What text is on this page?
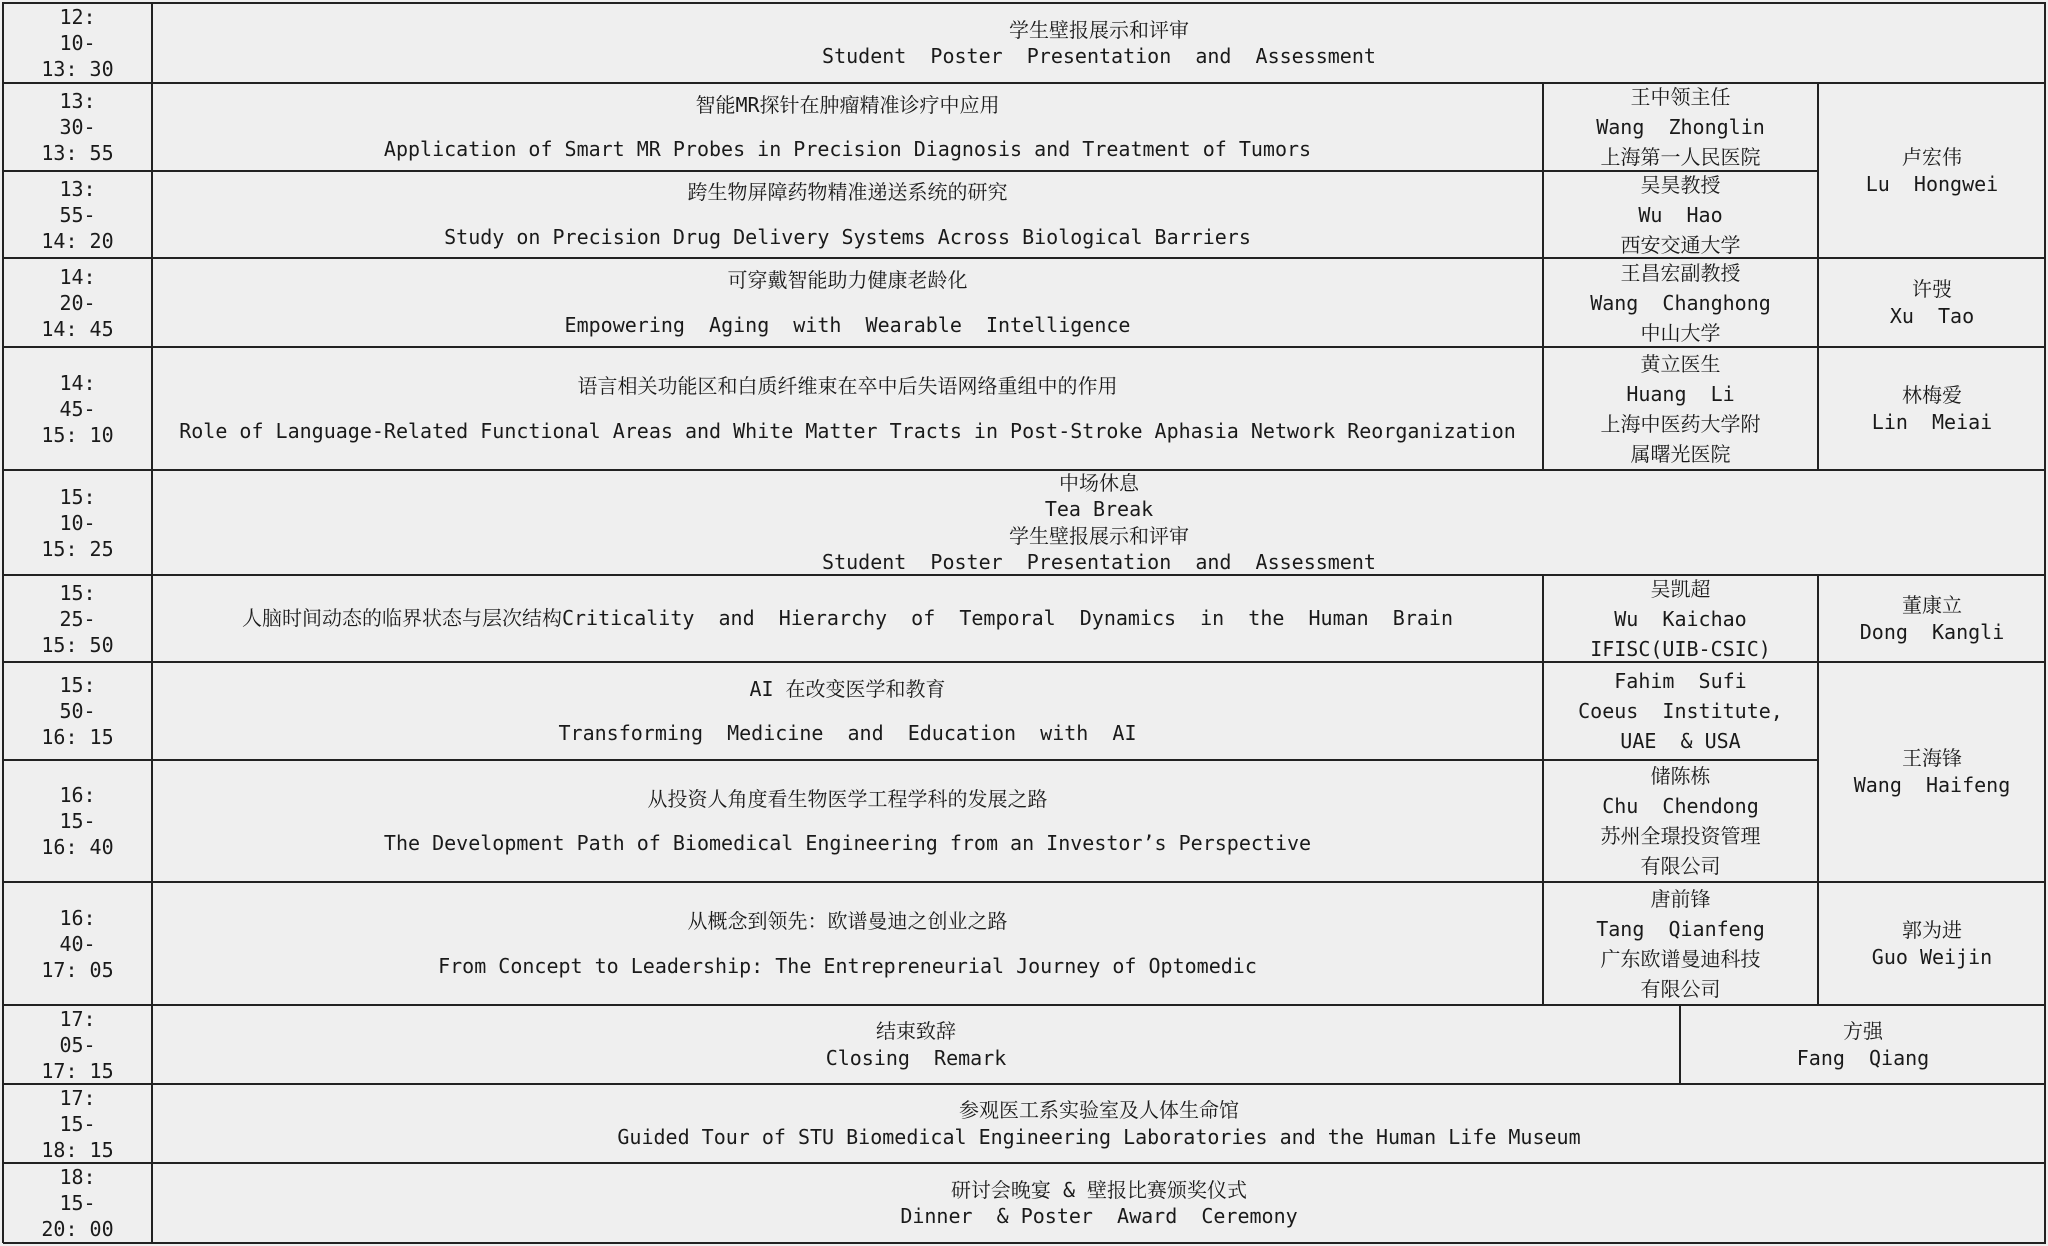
12:
10-
13: 30
学生壁报展示和评审
Student  Poster  Presentation  and  Assessment
13:
30-
13: 55
智能MR探针在肿瘤精准诊疗中应用
Application of Smart MR Probes in Precision Diagnosis and Treatment of Tumors
王中领主任
Wang  Zhonglin
上海第一人民医院
13:
55-
14: 20
跨生物屏障药物精准递送系统的研究
Study on Precision Drug Delivery Systems Across Biological Barriers
吴昊教授
Wu  Hao
西安交通大学
14:
20-
14: 45
可穿戴智能助力健康老龄化
Empowering  Aging  with  Wearable  Intelligence
王昌宏副教授
Wang  Changhong
中山大学
14:
45-
15: 10
语言相关功能区和白质纤维束在卒中后失语网络重组中的作用
Role of Language-Related Functional Areas and White Matter Tracts in Post-Stroke Aphasia Network Reorganization
黄立医生
Huang  Li
上海中医药大学附
属曙光医院
15:
10-
15: 25
中场休息
Tea Break
学生壁报展示和评审
Student  Poster  Presentation  and  Assessment
15:
25-
15: 50
人脑时间动态的临界状态与层次结构Criticality  and  Hierarchy  of  Temporal  Dynamics  in  the  Human  Brain
吴凯超
Wu  Kaichao
IFISC(UIB-CSIC)
15:
50-
16: 15
AI 在改变医学和教育
Transforming  Medicine  and  Education  with  AI
Fahim  Sufi
Coeus  Institute,
UAE  & USA
16:
15-
16: 40
从投资人角度看生物医学工程学科的发展之路
The Development Path of Biomedical Engineering from an Investor’s Perspective
储陈栋
Chu  Chendong
苏州全璟投资管理
有限公司
16:
40-
17: 05
从概念到领先：欧谱曼迪之创业之路
From Concept to Leadership: The Entrepreneurial Journey of Optomedic
唐前锋
Tang  Qianfeng
广东欧谱曼迪科技
有限公司
17:
05-
17: 15
结束致辞
Closing  Remark
17:
15-
18: 15
参观医工系实验室及人体生命馆
Guided Tour of STU Biomedical Engineering Laboratories and the Human Life Museum
18:
15-
20: 00
研讨会晚宴 & 壁报比赛颁奖仪式
Dinner  & Poster  Award  Ceremony
卢宏伟
Lu  Hongwei
许弢
Xu  Tao
林梅爱
Lin  Meiai
董康立
Dong  Kangli
王海锋
Wang  Haifeng
郭为进
Guo Weijin
方强
Fang  Qiang
